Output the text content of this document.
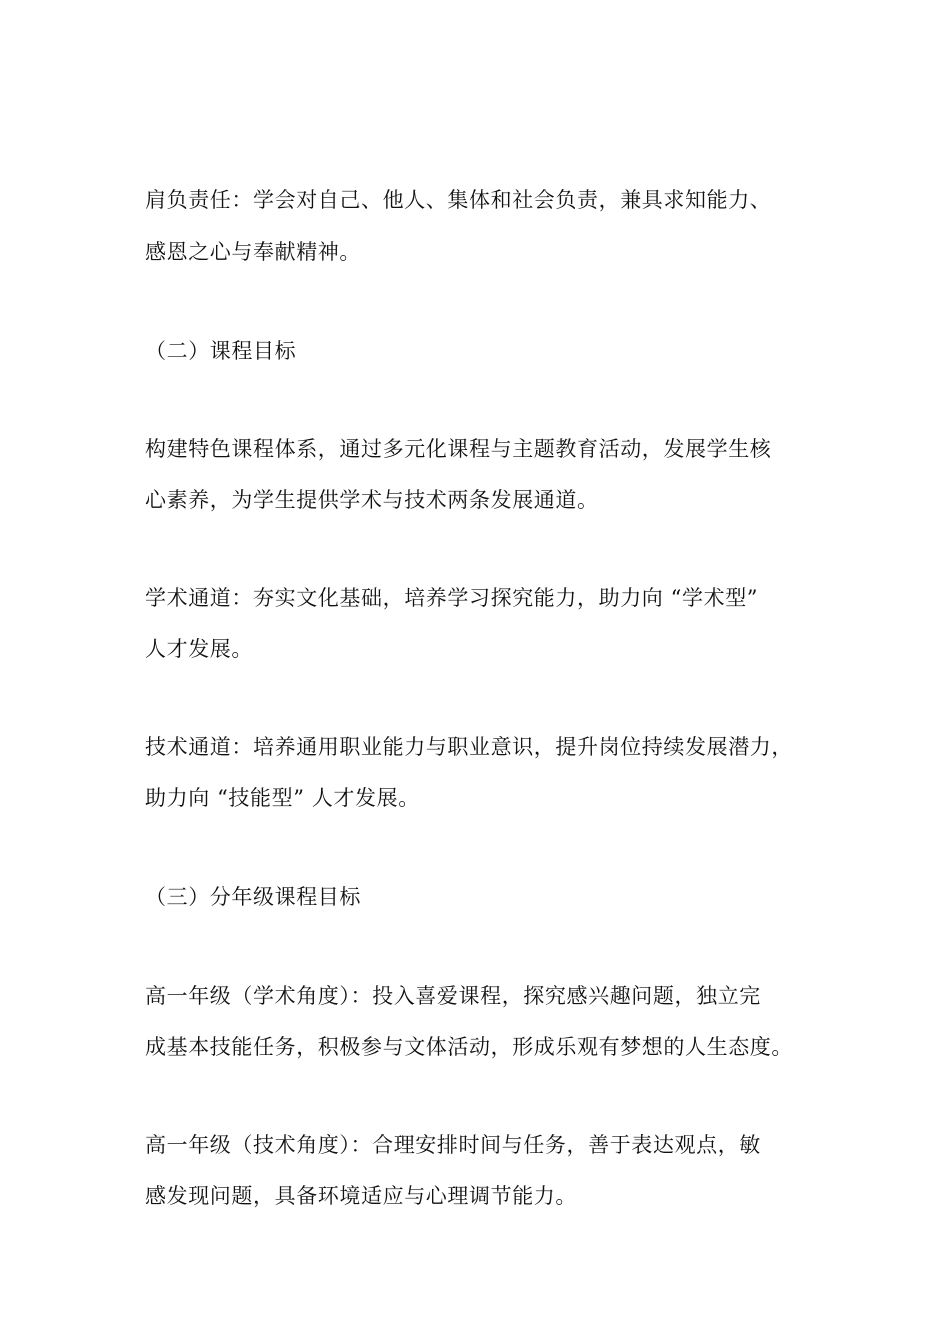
肩负责任：学会对自己、他人、集体和社会负责，兼具求知能力、
感恩之心与奉献精神。
（二）课程目标
构建特色课程体系，通过多元化课程与主题教育活动，发展学生核
心素养，为学生提供学术与技术两条发展通道。
学术通道：夯实文化基础，培养学习探究能力，助力向 “学术型”
人才发展。
技术通道：培养通用职业能力与职业意识，提升岗位持续发展潜力，
助力向 “技能型” 人才发展。
（三）分年级课程目标
高一年级（学术角度）：投入喜爱课程，探究感兴趣问题，独立完
成基本技能任务，积极参与文体活动，形成乐观有梦想的人生态度。
高一年级（技术角度）：合理安排时间与任务，善于表达观点，敏
感发现问题，具备环境适应与心理调节能力。
